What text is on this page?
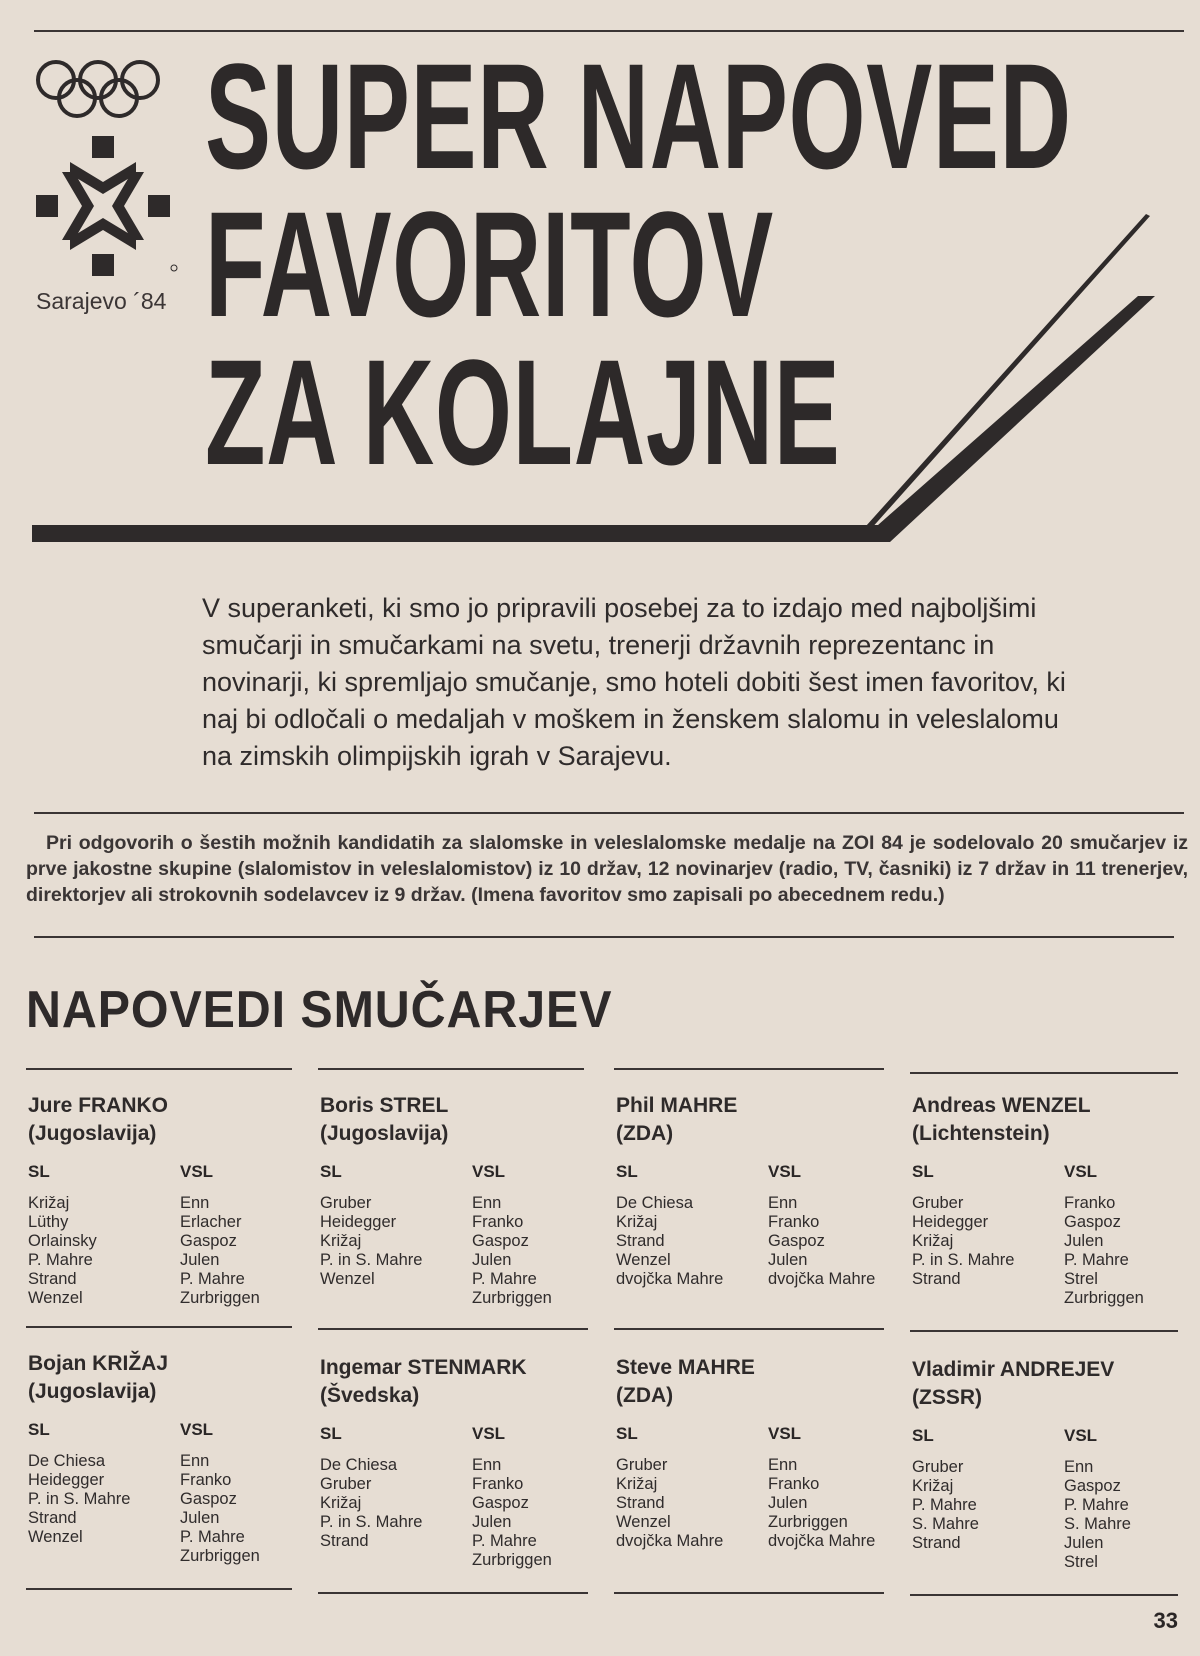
Sarajevo ´84
SUPER NAPOVED
FAVORITOV
ZA KOLAJNE
V superanketi, ki smo jo pripravili posebej za to izdajo med najboljšimi smučarji in smučarkami na svetu, trenerji državnih reprezentanc in novinarji, ki spremljajo smučanje, smo hoteli dobiti šest imen favoritov, ki naj bi odločali o medaljah v moškem in ženskem slalomu in veleslalomu na zimskih olimpijskih igrah v Sarajevu.
Pri odgovorih o šestih možnih kandidatih za slalomske in veleslalomske medalje na ZOI 84 je sodelovalo 20 smučarjev iz prve jakostne skupine (slalomistov in veleslalomistov) iz 10 držav, 12 novinarjev (radio, TV, časniki) iz 7 držav in 11 trenerjev, direktorjev ali strokovnih sodelavcev iz 9 držav. (Imena favoritov smo zapisali po abecednem redu.)
NAPOVEDI SMUČARJEV
Jure FRANKO
(Jugoslavija)
SL
Križaj
Lüthy
Orlainsky
P. Mahre
Strand
Wenzel
VSL
Enn
Erlacher
Gaspoz
Julen
P. Mahre
Zurbriggen
Boris STREL
(Jugoslavija)
SL
Gruber
Heidegger
Križaj
P. in S. Mahre
Wenzel
VSL
Enn
Franko
Gaspoz
Julen
P. Mahre
Zurbriggen
Phil MAHRE
(ZDA)
SL
De Chiesa
Križaj
Strand
Wenzel
dvojčka Mahre
VSL
Enn
Franko
Gaspoz
Julen
dvojčka Mahre
Andreas WENZEL
(Lichtenstein)
SL
Gruber
Heidegger
Križaj
P. in S. Mahre
Strand
VSL
Franko
Gaspoz
Julen
P. Mahre
Strel
Zurbriggen
Bojan KRIŽAJ
(Jugoslavija)
SL
De Chiesa
Heidegger
P. in S. Mahre
Strand
Wenzel
VSL
Enn
Franko
Gaspoz
Julen
P. Mahre
Zurbriggen
Ingemar STENMARK
(Švedska)
SL
De Chiesa
Gruber
Križaj
P. in S. Mahre
Strand
VSL
Enn
Franko
Gaspoz
Julen
P. Mahre
Zurbriggen
Steve MAHRE
(ZDA)
SL
Gruber
Križaj
Strand
Wenzel
dvojčka Mahre
VSL
Enn
Franko
Julen
Zurbriggen
dvojčka Mahre
Vladimir ANDREJEV
(ZSSR)
SL
Gruber
Križaj
P. Mahre
S. Mahre
Strand
VSL
Enn
Gaspoz
P. Mahre
S. Mahre
Julen
Strel
33
